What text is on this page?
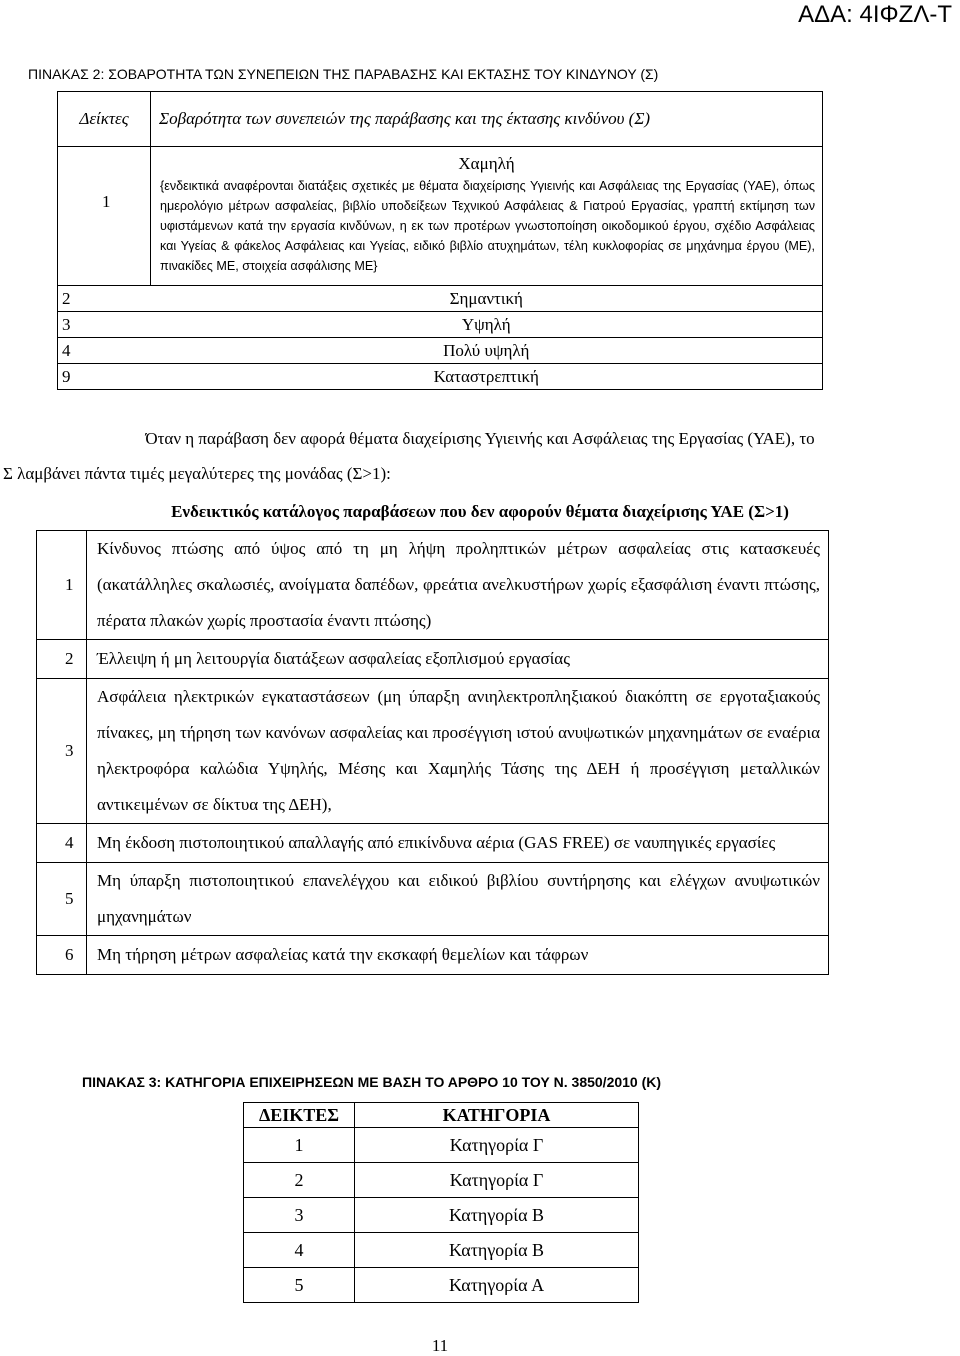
ΑΔΑ: 4ΙΦΖΛ-Τ
ΠΙΝΑΚΑΣ 2: ΣΟΒΑΡΟΤΗΤΑ ΤΩΝ ΣΥΝΕΠΕΙΩΝ ΤΗΣ ΠΑΡΑΒΑΣΗΣ ΚΑΙ ΕΚΤΑΣΗΣ ΤΟΥ ΚΙΝΔΥΝΟΥ (Σ)
Δείκτες	Σοβαρότητα των συνεπειών της παράβασης και της έκτασης κινδύνου (Σ)
1	Χαμηλή
{ενδεικτικά αναφέρονται διατάξεις σχετικές με θέματα διαχείρισης Υγιεινής και Ασφάλειας της Εργασίας (ΥΑΕ), όπως ημερολόγιο μέτρων ασφαλείας, βιβλίο υποδείξεων Τεχνικού Ασφάλειας & Γιατρού Εργασίας, γραπτή εκτίμηση των υφιστάμενων κατά την εργασία κινδύνων, η εκ των προτέρων γνωστοποίηση οικοδομικού έργου, σχέδιο Ασφάλειας και Υγείας & φάκελος Ασφάλειας και Υγείας, ειδικό βιβλίο ατυχημάτων, τέλη κυκλοφορίας σε μηχάνημα έργου (ΜΕ), πινακίδες ΜΕ, στοιχεία ασφάλισης ΜΕ}

2	Σημαντική
3	Υψηλή
4	Πολύ υψηλή
9	Καταστρεπτική
Όταν η παράβαση δεν αφορά θέματα διαχείρισης Υγιεινής και Ασφάλειας της Εργασίας (ΥΑΕ), το
Σ λαμβάνει πάντα τιμές μεγαλύτερες της μονάδας (Σ>1):
Ενδεικτικός κατάλογος παραβάσεων που δεν αφορούν θέματα διαχείρισης ΥΑΕ (Σ>1)
1	Κίνδυνος πτώσης από ύψος από τη μη λήψη προληπτικών μέτρων ασφαλείας στις κατασκευές (ακατάλληλες σκαλωσιές, ανοίγματα δαπέδων, φρεάτια ανελκυστήρων χωρίς εξασφάλιση έναντι πτώσης, πέρατα πλακών χωρίς προστασία έναντι πτώσης)
2	Έλλειψη ή μη λειτουργία διατάξεων ασφαλείας εξοπλισμού εργασίας
3	Ασφάλεια ηλεκτρικών εγκαταστάσεων (μη ύπαρξη ανιηλεκτροπληξιακού διακόπτη σε εργοταξιακούς πίνακες, μη τήρηση των κανόνων ασφαλείας και προσέγγιση ιστού ανυψωτικών μηχανημάτων σε εναέρια ηλεκτροφόρα καλώδια Υψηλής, Μέσης και Χαμηλής Τάσης της ΔΕΗ ή προσέγγιση μεταλλικών αντικειμένων σε δίκτυα της ΔΕΗ),
4	Μη έκδοση πιστοποιητικού απαλλαγής από επικίνδυνα αέρια (GAS FREE) σε ναυπηγικές εργασίες
5	Μη ύπαρξη πιστοποιητικού επανελέγχου και ειδικού βιβλίου συντήρησης και ελέγχων ανυψωτικών μηχανημάτων
6	Μη τήρηση μέτρων ασφαλείας κατά την εκσκαφή θεμελίων και τάφρων
ΠΙΝΑΚΑΣ 3: ΚΑΤΗΓΟΡΙΑ ΕΠΙΧΕΙΡΗΣΕΩΝ ΜΕ ΒΑΣΗ ΤΟ ΑΡΘΡΟ 10 ΤΟΥ Ν. 3850/2010 (Κ)
ΔΕΙΚΤΕΣ	ΚΑΤΗΓΟΡΙΑ
1	Κατηγορία Γ
2	Κατηγορία Γ
3	Κατηγορία Β
4	Κατηγορία Β
5	Κατηγορία Α
11
